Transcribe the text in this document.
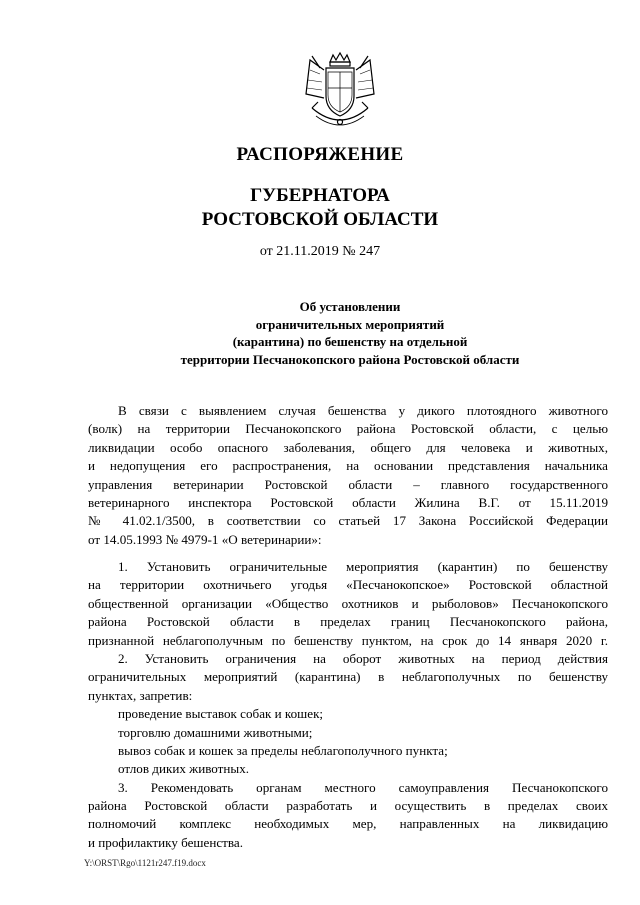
РАСПОРЯЖЕНИЕ
ГУБЕРНАТОРА
РОСТОВСКОЙ ОБЛАСТИ
от 21.11.2019 № 247
Об установлении
ограничительных мероприятий
(карантина) по бешенству на отдельной
территории Песчанокопского района Ростовской области
В связи с выявлением случая бешенства у дикого плотоядного животного
(волк) на территории Песчанокопского района Ростовской области, с целью
ликвидации особо опасного заболевания, общего для человека и животных,
и недопущения его распространения, на основании представления начальника
управления ветеринарии Ростовской области – главного государственного
ветеринарного инспектора Ростовской области Жилина В.Г. от 15.11.2019
№ 41.02.1/3500, в соответствии со статьей 17 Закона Российской Федерации
от 14.05.1993 № 4979-1 «О ветеринарии»:
1. Установить ограничительные мероприятия (карантин) по бешенству
на территории охотничьего угодья «Песчанокопское» Ростовской областной
общественной организации «Общество охотников и рыболовов» Песчанокопского
района Ростовской области в пределах границ Песчанокопского района,
признанной неблагополучным по бешенству пунктом, на срок до 14 января 2020 г.
2. Установить ограничения на оборот животных на период действия
ограничительных мероприятий (карантина) в неблагополучных по бешенству
пунктах, запретив:
проведение выставок собак и кошек;
торговлю домашними животными;
вывоз собак и кошек за пределы неблагополучного пункта;
отлов диких животных.
3. Рекомендовать органам местного самоуправления Песчанокопского
района Ростовской области разработать и осуществить в пределах своих
полномочий комплекс необходимых мер, направленных на ликвидацию
и профилактику бешенства.
Y:\ORST\Rgo\1121r247.f19.docx
